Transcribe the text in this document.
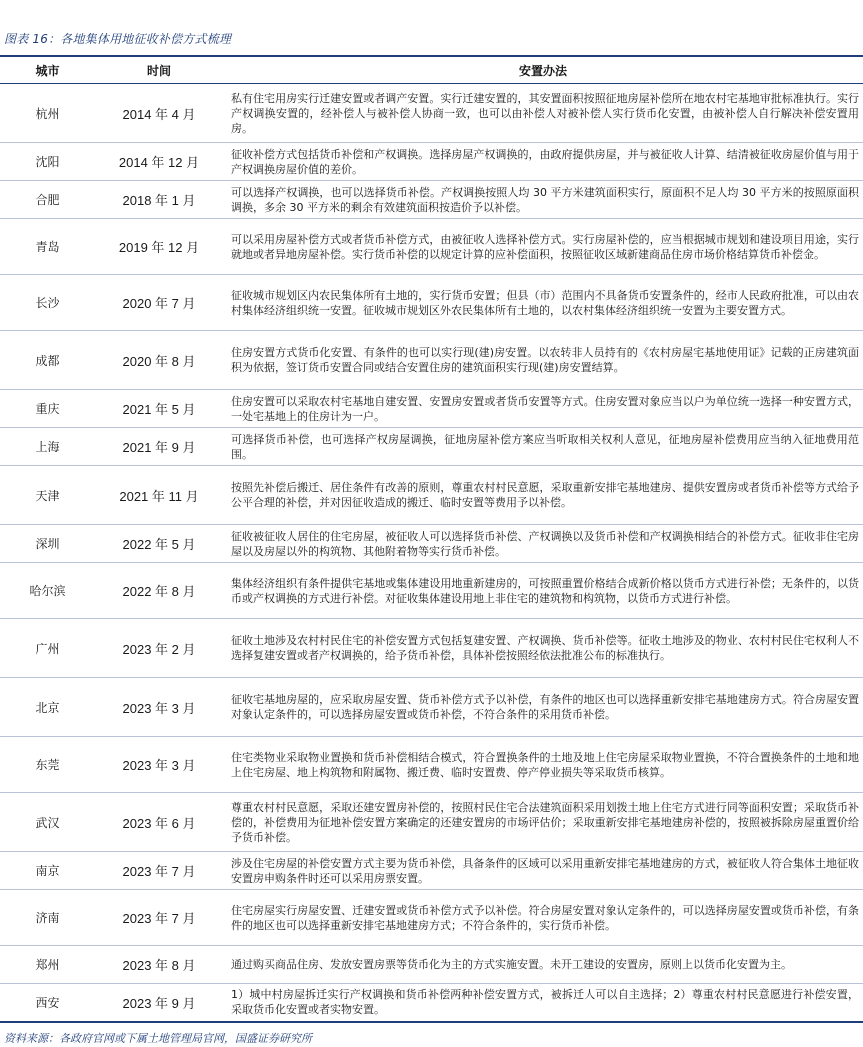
图表 16：各地集体用地征收补偿方式梳理
城市	时间	安置办法
杭州	2014 年 4 月	私有住宅用房实行迁建安置或者调产安置。实行迁建安置的，其安置面积按照征地房屋补偿所在地农村宅基地审批标准执行。实行产权调换安置的，经补偿人与被补偿人协商一致，也可以由补偿人对被补偿人实行货币化安置，由被补偿人自行解决补偿安置用房。
沈阳	2014 年 12 月	征收补偿方式包括货币补偿和产权调换。选择房屋产权调换的，由政府提供房屋，并与被征收人计算、结清被征收房屋价值与用于产权调换房屋价值的差价。
合肥	2018 年 1 月	可以选择产权调换，也可以选择货币补偿。产权调换按照人均 30 平方米建筑面积实行，原面积不足人均 30 平方米的按照原面积调换，多余 30 平方米的剩余有效建筑面积按造价予以补偿。
青岛	2019 年 12 月	可以采用房屋补偿方式或者货币补偿方式，由被征收人选择补偿方式。实行房屋补偿的，应当根据城市规划和建设项目用途，实行就地或者异地房屋补偿。实行货币补偿的以规定计算的应补偿面积，按照征收区域新建商品住房市场价格结算货币补偿金。
长沙	2020 年 7 月	征收城市规划区内农民集体所有土地的，实行货币安置；但县（市）范围内不具备货币安置条件的，经市人民政府批准，可以由农村集体经济组织统一安置。征收城市规划区外农民集体所有土地的，以农村集体经济组织统一安置为主要安置方式。
成都	2020 年 8 月	住房安置方式货币化安置、有条件的也可以实行现(建)房安置。以农转非人员持有的《农村房屋宅基地使用证》记载的正房建筑面积为依据，签订货币安置合同或结合安置住房的建筑面积实行现(建)房安置结算。
重庆	2021 年 5 月	住房安置可以采取农村宅基地自建安置、安置房安置或者货币安置等方式。住房安置对象应当以户为单位统一选择一种安置方式，一处宅基地上的住房计为一户。
上海	2021 年 9 月	可选择货币补偿，也可选择产权房屋调换，征地房屋补偿方案应当听取相关权利人意见，征地房屋补偿费用应当纳入征地费用范围。
天津	2021 年 11 月	按照先补偿后搬迁、居住条件有改善的原则，尊重农村村民意愿，采取重新安排宅基地建房、提供安置房或者货币补偿等方式给予公平合理的补偿，并对因征收造成的搬迁、临时安置等费用予以补偿。
深圳	2022 年 5 月	征收被征收人居住的住宅房屋，被征收人可以选择货币补偿、产权调换以及货币补偿和产权调换相结合的补偿方式。征收非住宅房屋以及房屋以外的构筑物、其他附着物等实行货币补偿。
哈尔滨	2022 年 8 月	集体经济组织有条件提供宅基地或集体建设用地重新建房的，可按照重置价格结合成新价格以货币方式进行补偿；无条件的，以货币或产权调换的方式进行补偿。对征收集体建设用地上非住宅的建筑物和构筑物，以货币方式进行补偿。
广州	2023 年 2 月	征收土地涉及农村村民住宅的补偿安置方式包括复建安置、产权调换、货币补偿等。征收土地涉及的物业、农村村民住宅权利人不选择复建安置或者产权调换的，给予货币补偿，具体补偿按照经依法批准公布的标准执行。
北京	2023 年 3 月	征收宅基地房屋的，应采取房屋安置、货币补偿方式予以补偿，有条件的地区也可以选择重新安排宅基地建房方式。符合房屋安置对象认定条件的，可以选择房屋安置或货币补偿，不符合条件的采用货币补偿。
东莞	2023 年 3 月	住宅类物业采取物业置换和货币补偿相结合模式，符合置换条件的土地及地上住宅房屋采取物业置换，不符合置换条件的土地和地上住宅房屋、地上构筑物和附属物、搬迁费、临时安置费、停产停业损失等采取货币核算。
武汉	2023 年 6 月	尊重农村村民意愿，采取还建安置房补偿的，按照村民住宅合法建筑面积采用划拨土地上住宅方式进行同等面积安置；采取货币补偿的，补偿费用为征地补偿安置方案确定的还建安置房的市场评估价；采取重新安排宅基地建房补偿的，按照被拆除房屋重置价给予货币补偿。
南京	2023 年 7 月	涉及住宅房屋的补偿安置方式主要为货币补偿，具备条件的区域可以采用重新安排宅基地建房的方式，被征收人符合集体土地征收安置房申购条件时还可以采用房票安置。
济南	2023 年 7 月	住宅房屋实行房屋安置、迁建安置或货币补偿方式予以补偿。符合房屋安置对象认定条件的，可以选择房屋安置或货币补偿，有条件的地区也可以选择重新安排宅基地建房方式；不符合条件的，实行货币补偿。
郑州	2023 年 8 月	通过购买商品住房、发放安置房票等货币化为主的方式实施安置。未开工建设的安置房，原则上以货币化安置为主。
西安	2023 年 9 月	1）城中村房屋拆迁实行产权调换和货币补偿两种补偿安置方式，被拆迁人可以自主选择；2）尊重农村村民意愿进行补偿安置，采取货币化安置或者实物安置。
资料来源：各政府官网或下属土地管理局官网，国盛证券研究所
